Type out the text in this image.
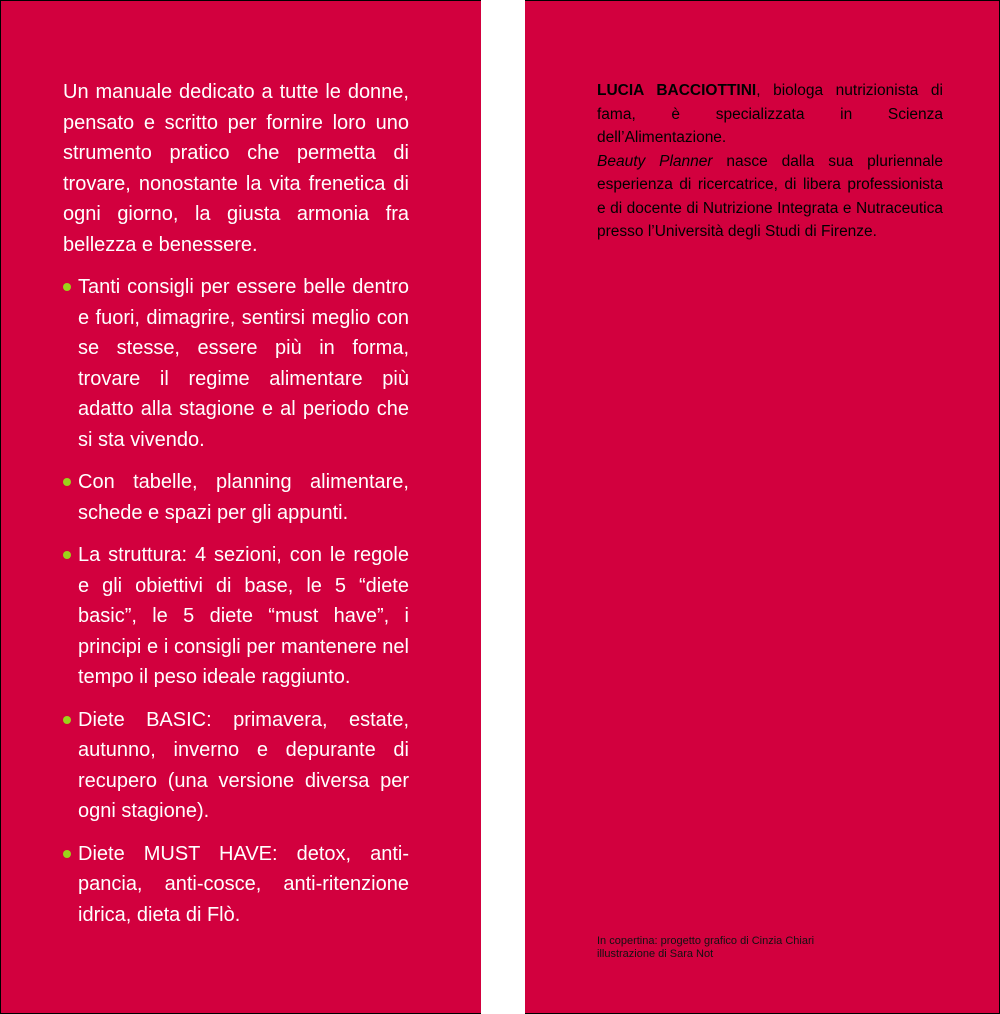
Un manuale dedicato a tutte le donne, pensato e scritto per fornire loro uno strumento pratico che permetta di trovare, nonostante la vita frenetica di ogni giorno, la giusta armonia fra bellezza e benessere.

Tanti consigli per essere belle dentro e fuori, dimagrire, sentirsi meglio con se stesse, essere più in forma, trovare il regime alimentare più adatto alla stagione e al periodo che si sta vivendo.
Con tabelle, planning alimentare, schede e spazi per gli appunti.
La struttura: 4 sezioni, con le regole e gli obiettivi di base, le 5 “diete basic”, le 5 diete “must have”, i principi e i consigli per mantenere nel tempo il peso ideale raggiunto.
Diete BASIC: primavera, estate, autunno, inverno e depurante di recupero (una versione diversa per ogni stagione).
Diete MUST HAVE: detox, anti-pancia, anti-cosce, anti-ritenzione idrica, dieta di Flò.

LUCIA BACCIOTTINI, biologa nutrizionista di fama, è specializzata in Scienza dell’Alimentazione.

Beauty Planner nasce dalla sua pluriennale esperienza di ricercatrice, di libera professionista e di docente di Nutrizione Integrata e Nutraceutica presso l’Università degli Studi di Firenze.

In copertina: progetto grafico di Cinzia Chiari
illustrazione di Sara Not
